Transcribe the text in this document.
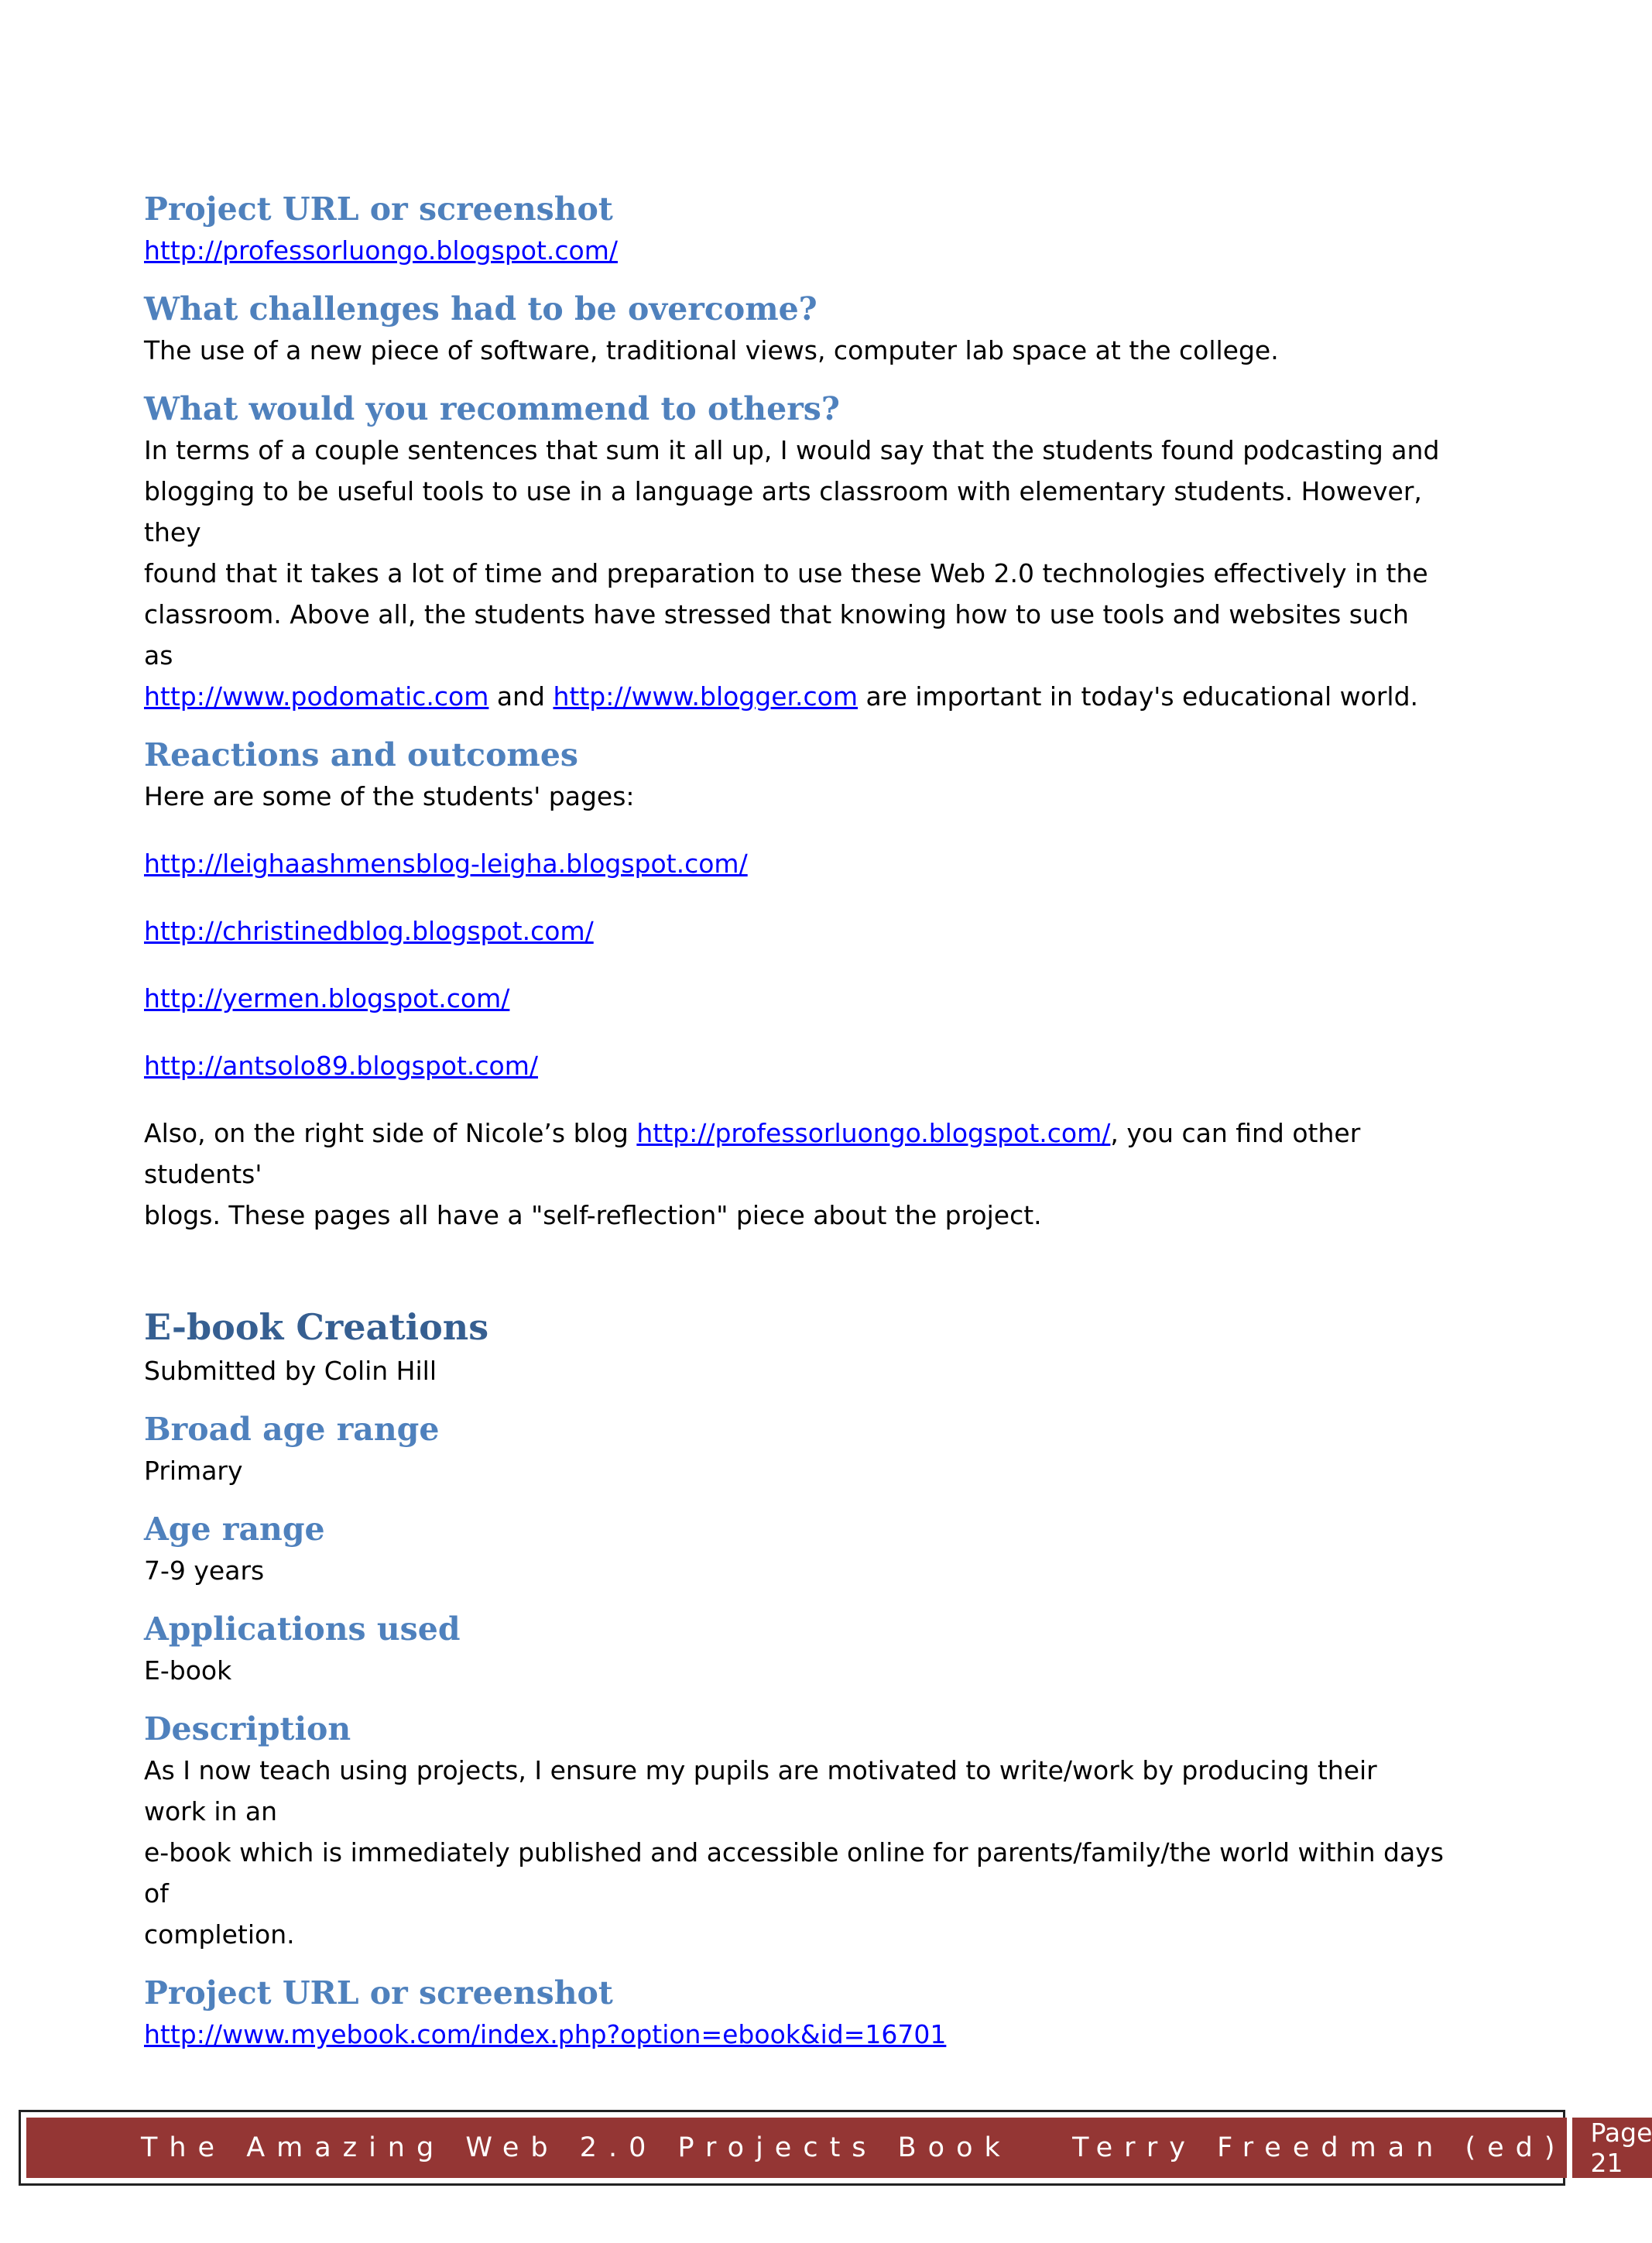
Project URL or screenshot

http://professorluongo.blogspot.com/

What challenges had to be overcome?

The use of a new piece of software, traditional views, computer lab space at the college.

What would you recommend to others?

In terms of a couple sentences that sum it all up, I would say that the students found podcasting and

blogging to be useful tools to use in a language arts classroom with elementary students. However, they

found that it takes a lot of time and preparation to use these Web 2.0 technologies effectively in the

classroom. Above all, the students have stressed that knowing how to use tools and websites such as

http://www.podomatic.com and http://www.blogger.com are important in today's educational world.

Reactions and outcomes

Here are some of the students' pages:

http://leighaashmensblog-leigha.blogspot.com/

http://christinedblog.blogspot.com/

http://yermen.blogspot.com/

http://antsolo89.blogspot.com/

Also, on the right side of Nicole’s blog http://professorluongo.blogspot.com/, you can find other students'

blogs. These pages all have a "self-reflection" piece about the project.

E-book Creations

Submitted by Colin Hill

Broad age range

Primary

Age range

7-9 years

Applications used

E-book

Description

As I now teach using projects, I ensure my pupils are motivated to write/work by producing their work in an

e-book which is immediately published and accessible online for parents/family/the world within days of

completion.

Project URL or screenshot

http://www.myebook.com/index.php?option=ebook&id=16701

The Amazing Web 2.0 Projects Book   Terry Freedman (ed) Page 21
